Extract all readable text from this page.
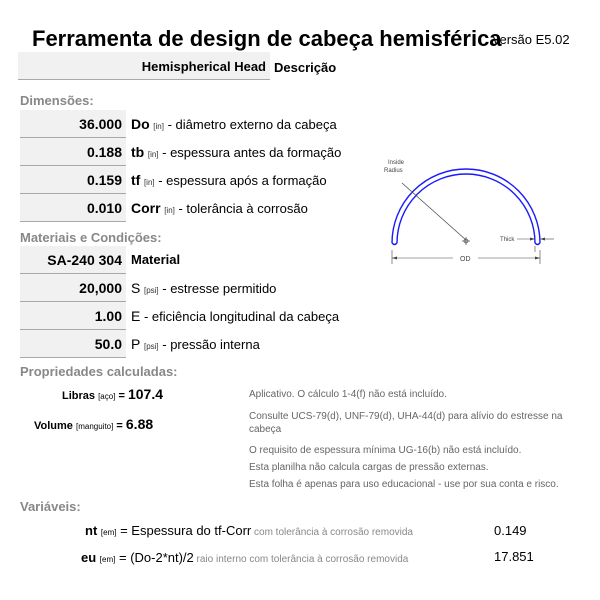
Ferramenta de design de cabeça hemisférica
versão E5.02
Hemispherical Head Descrição
Dimensões:
36.000 Do [in] - diâmetro externo da cabeça
0.188 tb [in] - espessura antes da formação
0.159 tf [in] - espessura após a formação
0.010 Corr [in] - tolerância à corrosão
Materiais e Condições:
SA-240 304 Material
20,000 S [psi] - estresse permitido
1.00 E - eficiência longitudinal da cabeça
50.0 P [psi] - pressão interna
Propriedades calculadas:
Libras [aço] = 107.4
Volume [manguito] = 6.88
Aplicativo. O cálculo 1-4(f) não está incluído.
Consulte UCS-79(d), UNF-79(d), UHA-44(d) para alívio do estresse na cabeça
O requisito de espessura mínima UG-16(b) não está incluído.
Esta planilha não calcula cargas de pressão externas.
Esta folha é apenas para uso educacional - use por sua conta e risco.
Variáveis:
nt [em] = Espessura do tf-Corr com tolerância à corrosão removida	0.149
eu [em] = (Do-2*nt)/2 raio interno com tolerância à corrosão removida	17.851
Inside
Radius
OD
Thick
